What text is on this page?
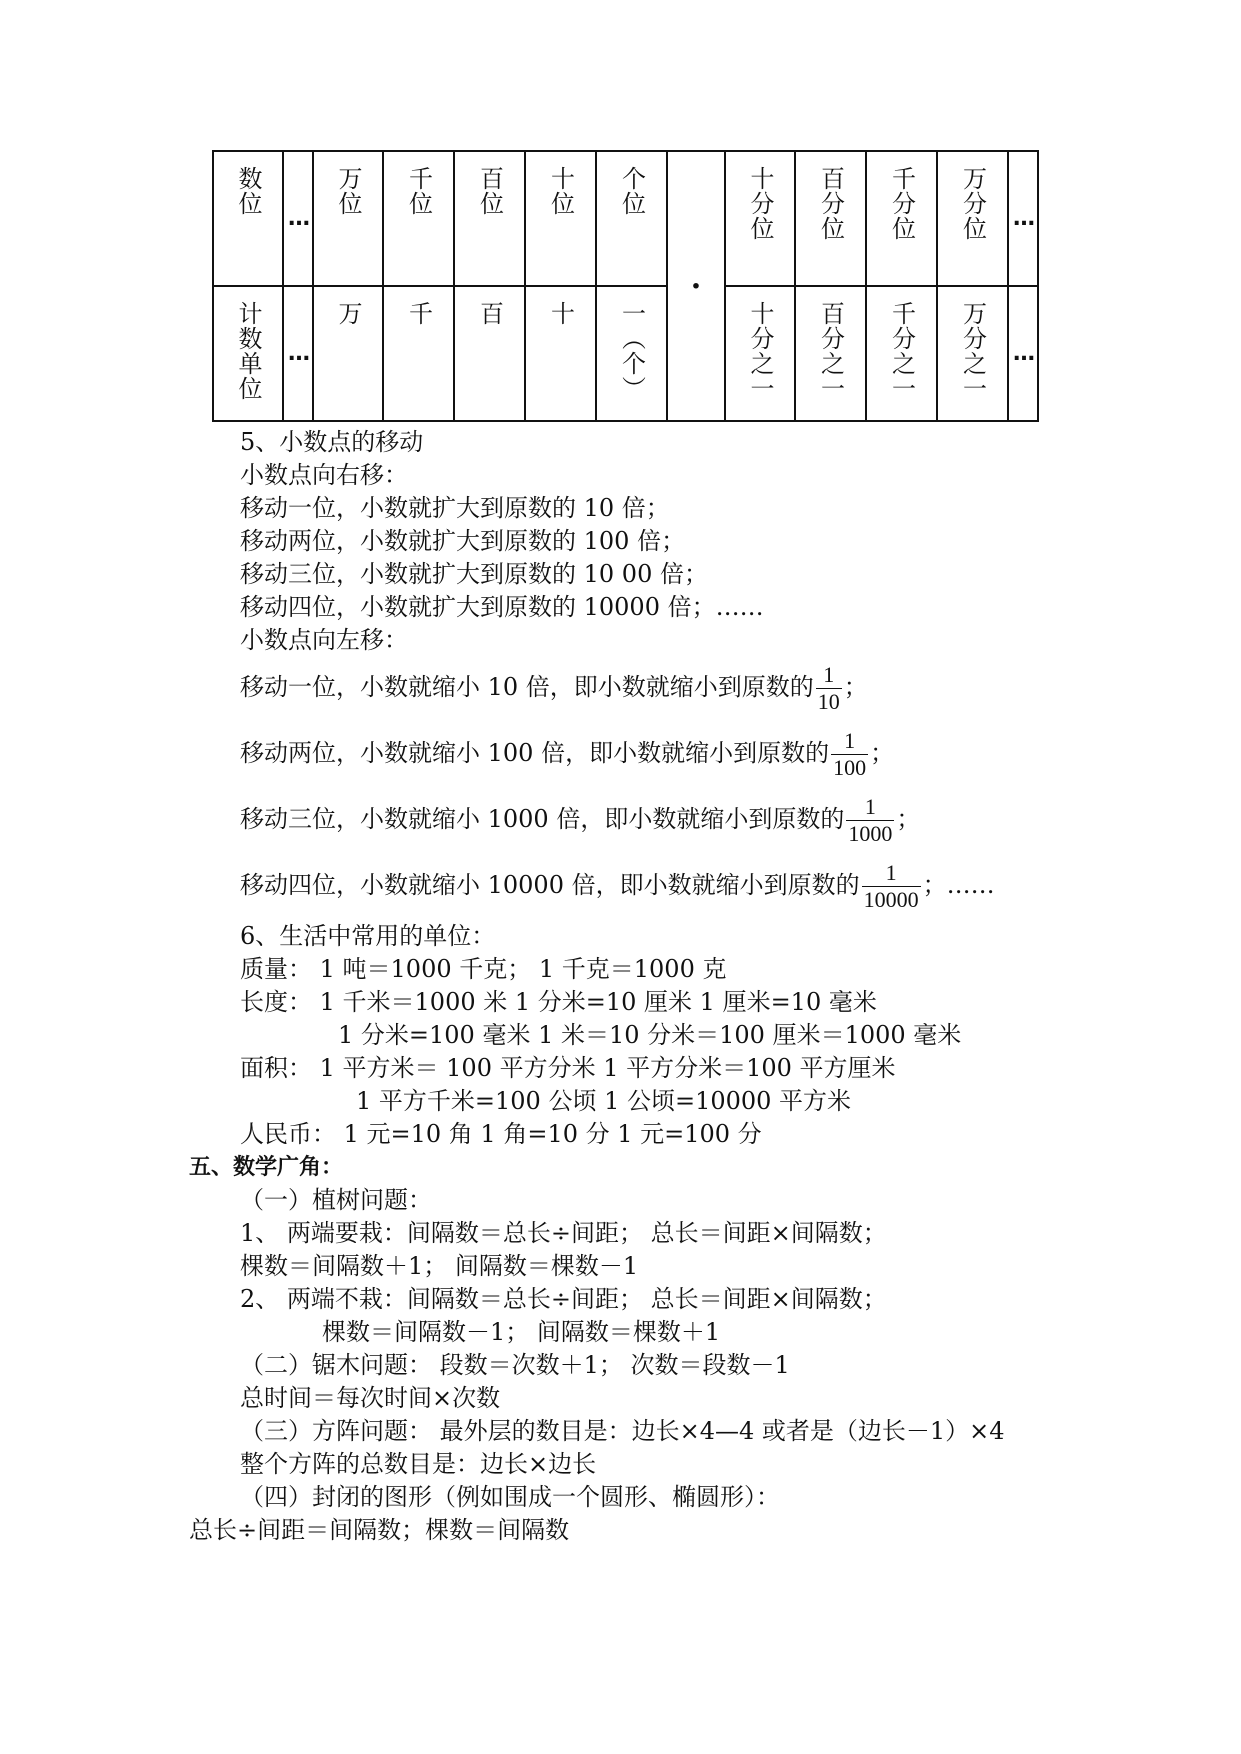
数位	…	万位	千位	百位	十位	个位	·	十分位	百分位	千分位	万分位	…
计数单位	…	万	千	百	十	一（个）		十分之一	百分之一	千分之一	万分之一	…
5、小数点的移动
小数点向右移：
移动一位，小数就扩大到原数的 10 倍；
移动两位，小数就扩大到原数的 100 倍；
移动三位，小数就扩大到原数的 10 00 倍；
移动四位，小数就扩大到原数的 10000 倍；……
小数点向左移：
移动一位，小数就缩小 10 倍，即小数就缩小到原数的 $\frac{1}{10}$ ；
移动两位，小数就缩小 100 倍，即小数就缩小到原数的 $\frac{1}{100}$ ；
移动三位，小数就缩小 1000 倍，即小数就缩小到原数的 $\frac{1}{1000}$ ；
移动四位，小数就缩小 10000 倍，即小数就缩小到原数的 $\frac{1}{10000}$ ；……
6、生活中常用的单位：
质量： 1 吨＝1000 千克； 1 千克＝1000 克
长度： 1 千米＝1000 米 1 分米=10 厘米 1 厘米=10 毫米
1 分米=100 毫米 1 米＝10 分米＝100 厘米＝1000 毫米
面积： 1 平方米＝ 100 平方分米 1 平方分米＝100 平方厘米
1 平方千米=100 公顷 1 公顷=10000 平方米
人民币： 1 元=10 角 1 角=10 分 1 元=100 分
五、数学广角：
（一）植树问题：
1、 两端要栽：间隔数＝总长÷间距； 总长＝间距×间隔数；
棵数＝间隔数＋1； 间隔数＝棵数－1
2、 两端不栽：间隔数＝总长÷间距； 总长＝间距×间隔数；
棵数＝间隔数－1； 间隔数＝棵数＋1
（二）锯木问题： 段数＝次数＋1； 次数＝段数－1
总时间＝每次时间×次数
（三）方阵问题： 最外层的数目是：边长×4—4 或者是（边长－1）×4
整个方阵的总数目是：边长×边长
（四）封闭的图形（例如围成一个圆形、椭圆形）：
总长÷间距＝间隔数；棵数＝间隔数
